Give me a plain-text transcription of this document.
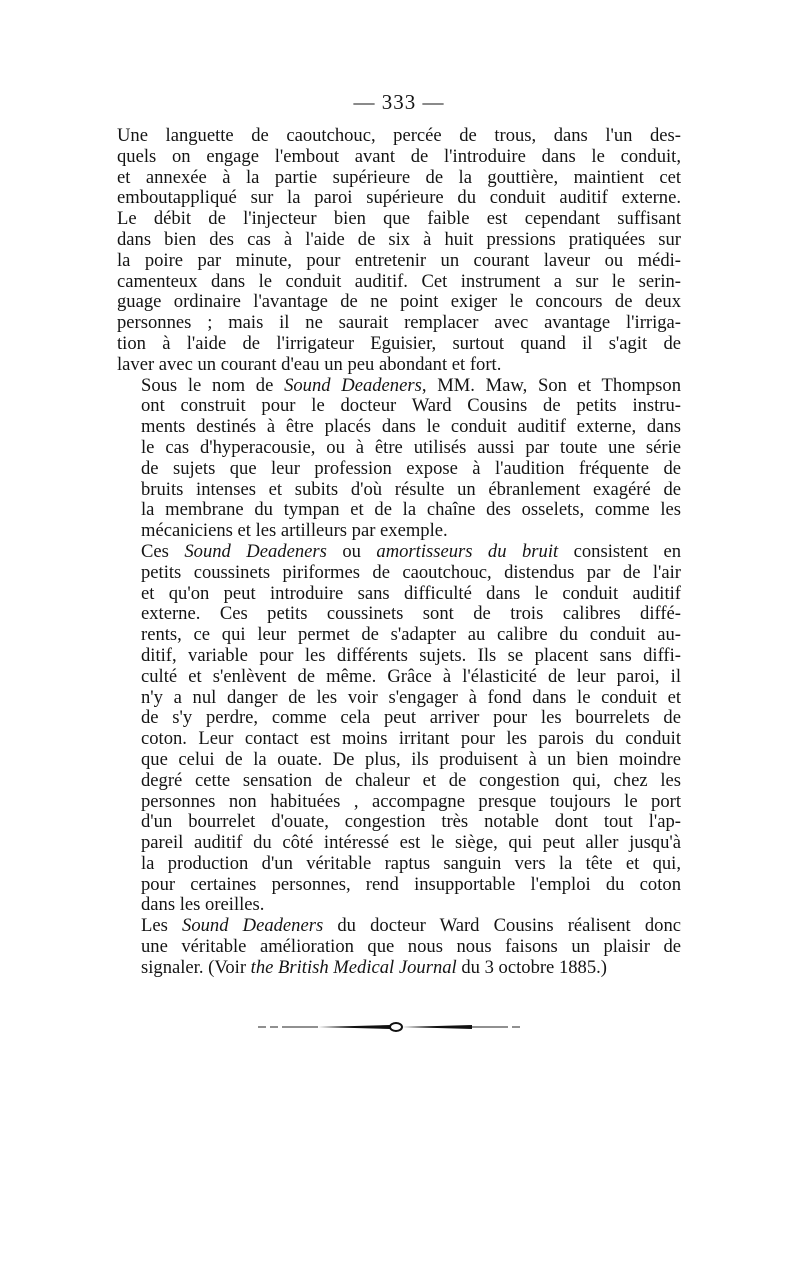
— 333 —

Une languette de caoutchouc, percée de trous, dans l'un des-
quels on engage l'embout avant de l'introduire dans le conduit,
et annexée à la partie supérieure de la gouttière, maintient cet
emboutappliqué sur la paroi supérieure du conduit auditif externe.
Le débit de l'injecteur bien que faible est cependant suffisant
dans bien des cas à l'aide de six à huit pressions pratiquées sur
la poire par minute, pour entretenir un courant laveur ou médi-
camenteux dans le conduit auditif. Cet instrument a sur le serin-
guage ordinaire l'avantage de ne point exiger le concours de deux
personnes ; mais il ne saurait remplacer avec avantage l'irriga-
tion à l'aide de l'irrigateur Eguisier, surtout quand il s'agit de
laver avec un courant d'eau un peu abondant et fort.

Sous le nom de Sound Deadeners, MM. Maw, Son et Thompson
ont construit pour le docteur Ward Cousins de petits instru-
ments destinés à être placés dans le conduit auditif externe, dans
le cas d'hyperacousie, ou à être utilisés aussi par toute une série
de sujets que leur profession expose à l'audition fréquente de
bruits intenses et subits d'où résulte un ébranlement exagéré de
la membrane du tympan et de la chaîne des osselets, comme les
mécaniciens et les artilleurs par exemple.

Ces Sound Deadeners ou amortisseurs du bruit consistent en
petits coussinets piriformes de caoutchouc, distendus par de l'air
et qu'on peut introduire sans difficulté dans le conduit auditif
externe. Ces petits coussinets sont de trois calibres diffé-
rents, ce qui leur permet de s'adapter au calibre du conduit au-
ditif, variable pour les différents sujets. Ils se placent sans diffi-
culté et s'enlèvent de même. Grâce à l'élasticité de leur paroi, il
n'y a nul danger de les voir s'engager à fond dans le conduit et
de s'y perdre, comme cela peut arriver pour les bourrelets de
coton. Leur contact est moins irritant pour les parois du conduit
que celui de la ouate. De plus, ils produisent à un bien moindre
degré cette sensation de chaleur et de congestion qui, chez les
personnes non habituées , accompagne presque toujours le port
d'un bourrelet d'ouate, congestion très notable dont tout l'ap-
pareil auditif du côté intéressé est le siège, qui peut aller jusqu'à
la production d'un véritable raptus sanguin vers la tête et qui,
pour certaines personnes, rend insupportable l'emploi du coton
dans les oreilles.

Les Sound Deadeners du docteur Ward Cousins réalisent donc
une véritable amélioration que nous nous faisons un plaisir de
signaler. (Voir the British Medical Journal du 3 octobre 1885.)
